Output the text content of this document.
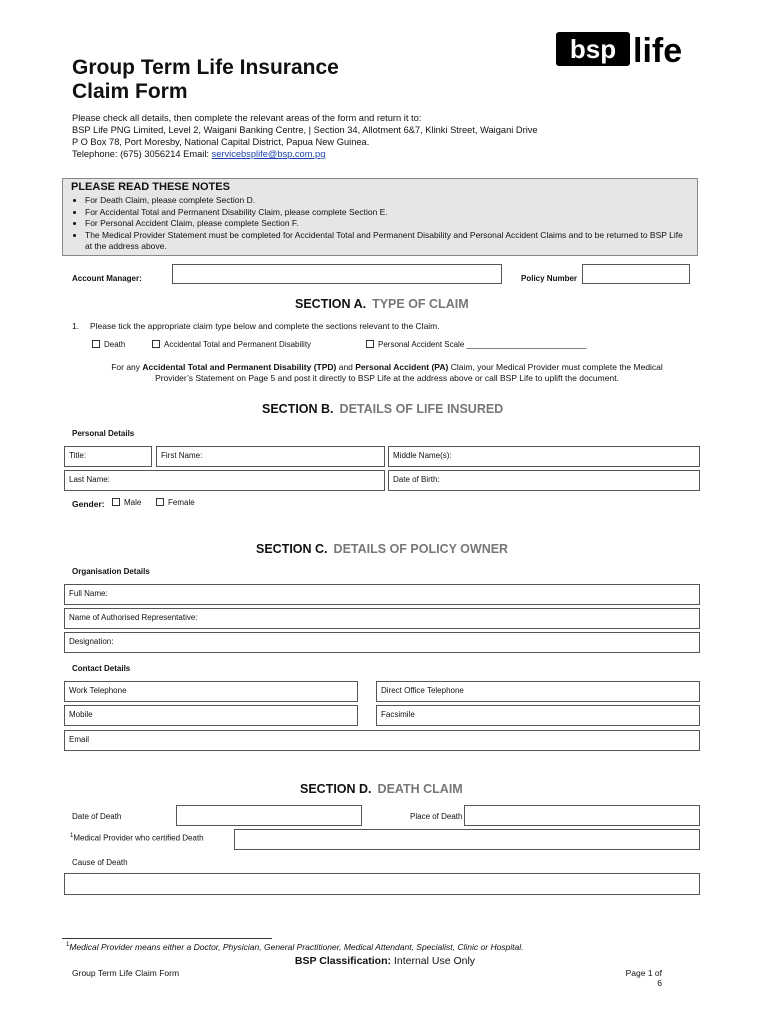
Group Term Life Insurance
Claim Form
bsp life
Please check all details, then complete the relevant areas of the form and return it to:
BSP Life PNG Limited, Level 2, Waigani Banking Centre, | Section 34, Allotment 6&7, Klinki Street, Waigani Drive
P O Box 78, Port Moresby, National Capital District, Papua New Guinea.
Telephone: (675) 3056214 Email: servicebsplife@bsp.com.pg
PLEASE READ THESE NOTES
• For Death Claim, please complete Section D.
• For Accidental Total and Permanent Disability Claim, please complete Section E.
• For Personal Accident Claim, please complete Section F.
• The Medical Provider Statement must be completed for Accidental Total and Permanent Disability and Personal Accident Claims and to be returned to BSP Life at the address above.
Account Manager:	Policy Number
SECTION A. TYPE OF CLAIM
1. Please tick the appropriate claim type below and complete the sections relevant to the Claim.
Death	Accidental Total and Permanent Disability	Personal Accident Scale ___________________________
For any Accidental Total and Permanent Disability (TPD) and Personal Accident (PA) Claim, your Medical Provider must complete the Medical
Provider’s Statement on Page 5 and post it directly to BSP Life at the address above or call BSP Life to uplift the document.
SECTION B. DETAILS OF LIFE INSURED
Personal Details
Title:	First Name:	Middle Name(s):
Last Name:	Date of Birth:
Gender:	Male	Female
SECTION C. DETAILS OF POLICY OWNER
Organisation Details
Full Name:
Name of Authorised Representative:
Designation:
Contact Details
Work Telephone	Direct Office Telephone
Mobile	Facsimile
Email
SECTION D. DEATH CLAIM
Date of Death	Place of Death
$^1$Medical Provider who certified Death
Cause of Death
$^1$Medical Provider means either a Doctor, Physician, General Practitioner, Medical Attendant, Specialist, Clinic or Hospital.
BSP Classification: Internal Use Only
Group Term Life Claim Form	Page 1 of 6
